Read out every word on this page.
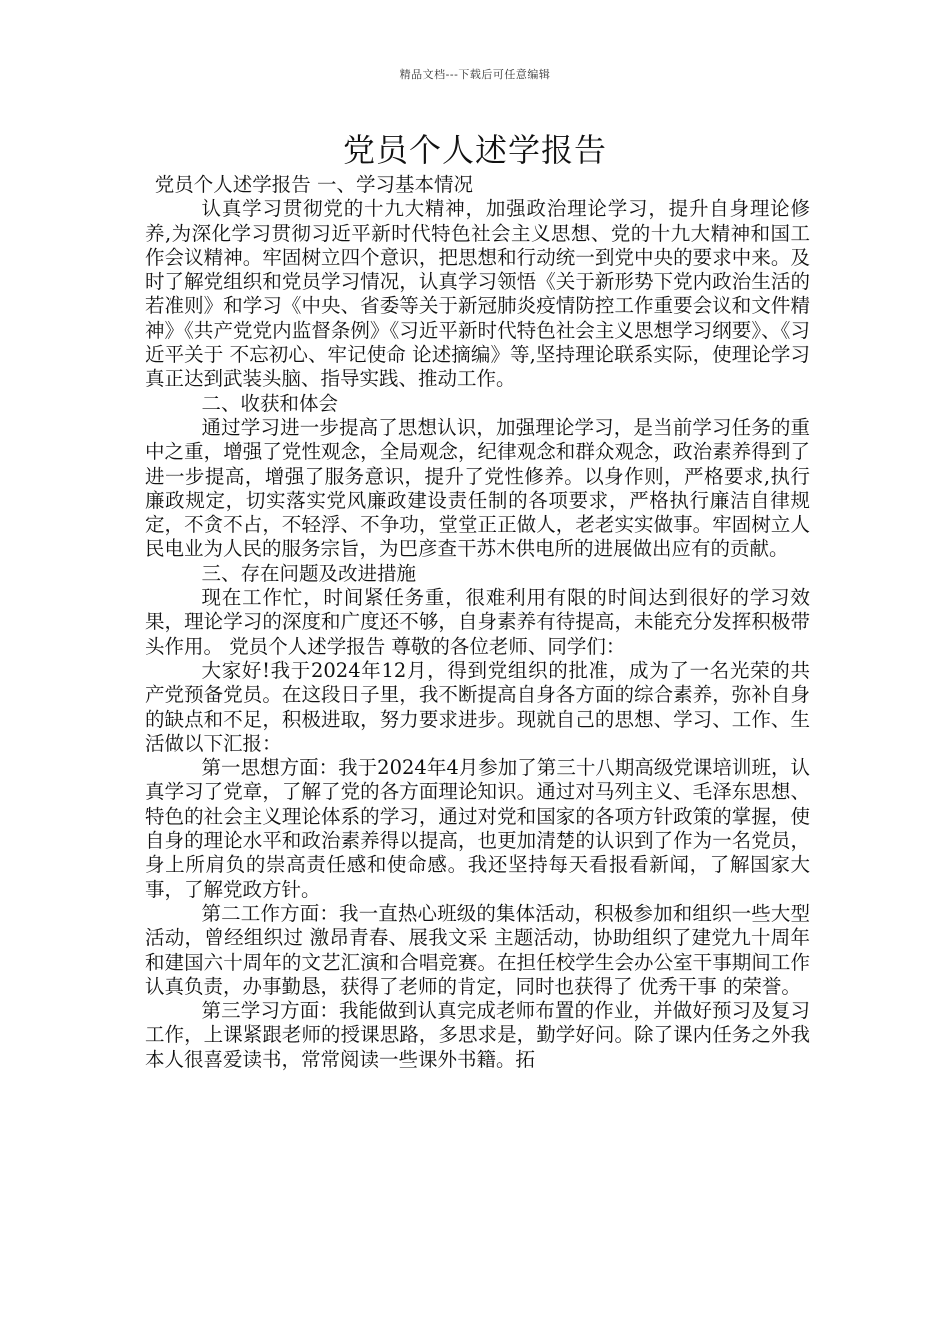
精品文档---下载后可任意编辑
党员个人述学报告

党员个人述学报告 一、学习基本情况

认真学习贯彻党的十九大精神，加强政治理论学习，提升自身理论修养,为深化学习贯彻习近平新时代特色社会主义思想、党的十九大精神和国工作会议精神。牢固树立四个意识，把思想和行动统一到党中央的要求中来。及时了解党组织和党员学习情况，认真学习领悟《关于新形势下党内政治生活的若准则》和学习《中央、省委等关于新冠肺炎疫情防控工作重要会议和文件精神》《共产党党内监督条例》《习近平新时代特色社会主义思想学习纲要》、《习近平关于 不忘初心、牢记使命 论述摘编》等,坚持理论联系实际，使理论学习真正达到武装头脑、指导实践、推动工作。

二、收获和体会

通过学习进一步提高了思想认识，加强理论学习，是当前学习任务的重中之重，增强了党性观念，全局观念，纪律观念和群众观念，政治素养得到了进一步提高，增强了服务意识，提升了党性修养。以身作则，严格要求,执行廉政规定，切实落实党风廉政建设责任制的各项要求，严格执行廉洁自律规定，不贪不占，不轻浮、不争功，堂堂正正做人，老老实实做事。牢固树立人民电业为人民的服务宗旨，为巴彦查干苏木供电所的进展做出应有的贡献。

三、存在问题及改进措施

现在工作忙，时间紧任务重，很难利用有限的时间达到很好的学习效果，理论学习的深度和广度还不够，自身素养有待提高，未能充分发挥积极带头作用。 党员个人述学报告 尊敬的各位老师、同学们：

大家好!我于2024年12月，得到党组织的批准，成为了一名光荣的共产党预备党员。在这段日子里，我不断提高自身各方面的综合素养，弥补自身的缺点和不足，积极进取，努力要求进步。现就自己的思想、学习、工作、生活做以下汇报：

第一思想方面：我于2024年4月参加了第三十八期高级党课培训班，认真学习了党章，了解了党的各方面理论知识。通过对马列主义、毛泽东思想、特色的社会主义理论体系的学习，通过对党和国家的各项方针政策的掌握，使自身的理论水平和政治素养得以提高，也更加清楚的认识到了作为一名党员，身上所肩负的崇高责任感和使命感。我还坚持每天看报看新闻，了解国家大事，了解党政方针。

第二工作方面：我一直热心班级的集体活动，积极参加和组织一些大型活动，曾经组织过 激昂青春、展我文采 主题活动，协助组织了建党九十周年和建国六十周年的文艺汇演和合唱竞赛。在担任校学生会办公室干事期间工作认真负责，办事勤恳，获得了老师的肯定，同时也获得了 优秀干事 的荣誉。

第三学习方面：我能做到认真完成老师布置的作业，并做好预习及复习工作，上课紧跟老师的授课思路，多思求是，勤学好问。除了课内任务之外我本人很喜爱读书，常常阅读一些课外书籍。拓
